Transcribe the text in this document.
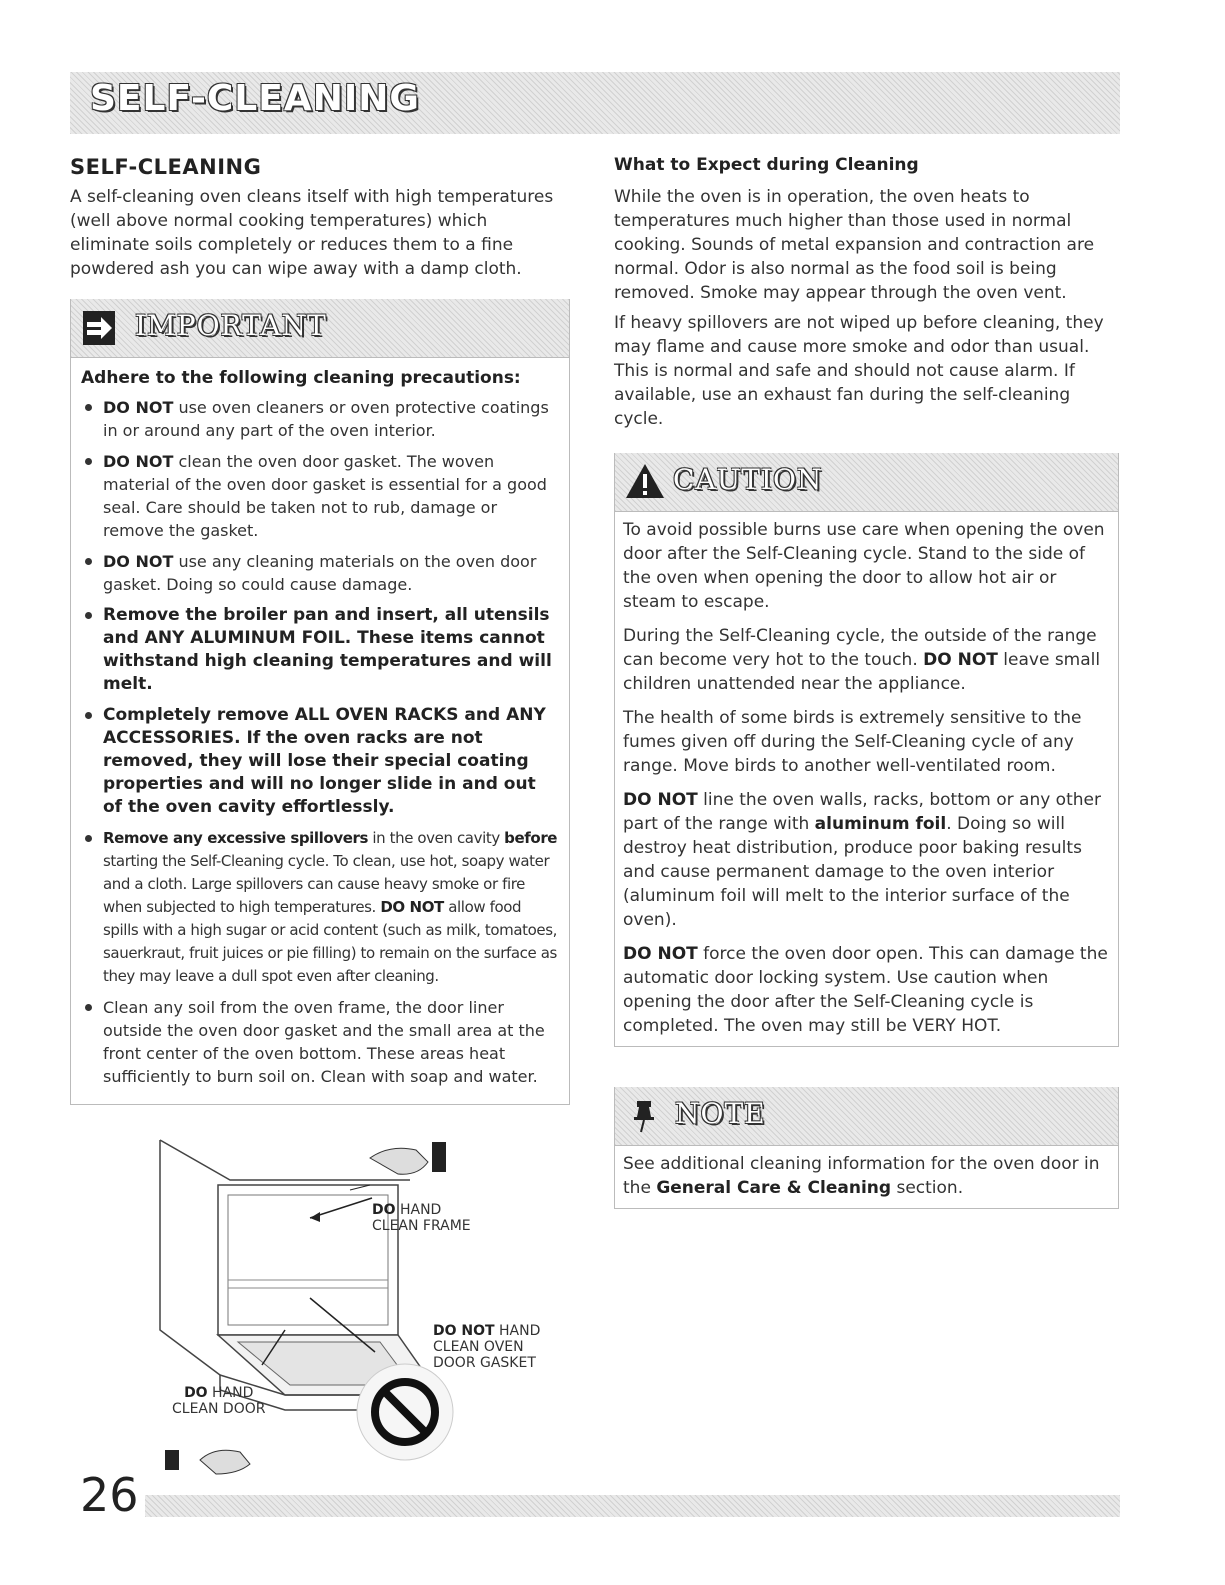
SELF-CLEANING
SELF-CLEANING

A self-cleaning oven cleans itself with high temperatures (well above normal cooking temperatures) which eliminate soils completely or reduces them to a fine powdered ash you can wipe away with a damp cloth.

IMPORTANT
Adhere to the following cleaning precautions:
DO NOT use oven cleaners or oven protective coatings in or around any part of the oven interior.
DO NOT clean the oven door gasket. The woven material of the oven door gasket is essential for a good seal. Care should be taken not to rub, damage or remove the gasket.
DO NOT use any cleaning materials on the oven door gasket. Doing so could cause damage.
Remove the broiler pan and insert, all utensils and ANY ALUMINUM FOIL. These items cannot withstand high cleaning temperatures and will melt.
Completely remove ALL OVEN RACKS and ANY ACCESSORIES. If the oven racks are not removed, they will lose their special coating properties and will no longer slide in and out of the oven cavity effortlessly.
Remove any excessive spillovers in the oven cavity before starting the Self-Cleaning cycle. To clean, use hot, soapy water and a cloth. Large spillovers can cause heavy smoke or fire when subjected to high temperatures. DO NOT allow food spills with a high sugar or acid content (such as milk, tomatoes, sauerkraut, fruit juices or pie filling) to remain on the surface as they may leave a dull spot even after cleaning.
Clean any soil from the oven frame, the door liner outside the oven door gasket and the small area at the front center of the oven bottom. These areas heat sufficiently to burn soil on. Clean with soap and water.
DO HAND
CLEAN FRAME
DO NOT HAND
CLEAN OVEN
DOOR GASKET
DO HAND
CLEAN DOOR
What to Expect during Cleaning

While the oven is in operation, the oven heats to temperatures much higher than those used in normal cooking. Sounds of metal expansion and contraction are normal. Odor is also normal as the food soil is being removed. Smoke may appear through the oven vent.

If heavy spillovers are not wiped up before cleaning, they may flame and cause more smoke and odor than usual. This is normal and safe and should not cause alarm. If available, use an exhaust fan during the self-cleaning cycle.

CAUTION

To avoid possible burns use care when opening the oven door after the Self-Cleaning cycle. Stand to the side of the oven when opening the door to allow hot air or steam to escape.

During the Self-Cleaning cycle, the outside of the range can become very hot to the touch. DO NOT leave small children unattended near the appliance.

The health of some birds is extremely sensitive to the fumes given off during the Self-Cleaning cycle of any range. Move birds to another well-ventilated room.

DO NOT line the oven walls, racks, bottom or any other part of the range with aluminum foil. Doing so will destroy heat distribution, produce poor baking results and cause permanent damage to the oven interior (aluminum foil will melt to the interior surface of the oven).

DO NOT force the oven door open. This can damage the automatic door locking system. Use caution when opening the door after the Self-Cleaning cycle is completed. The oven may still be VERY HOT.

NOTE

See additional cleaning information for the oven door in the General Care & Cleaning section.

26
